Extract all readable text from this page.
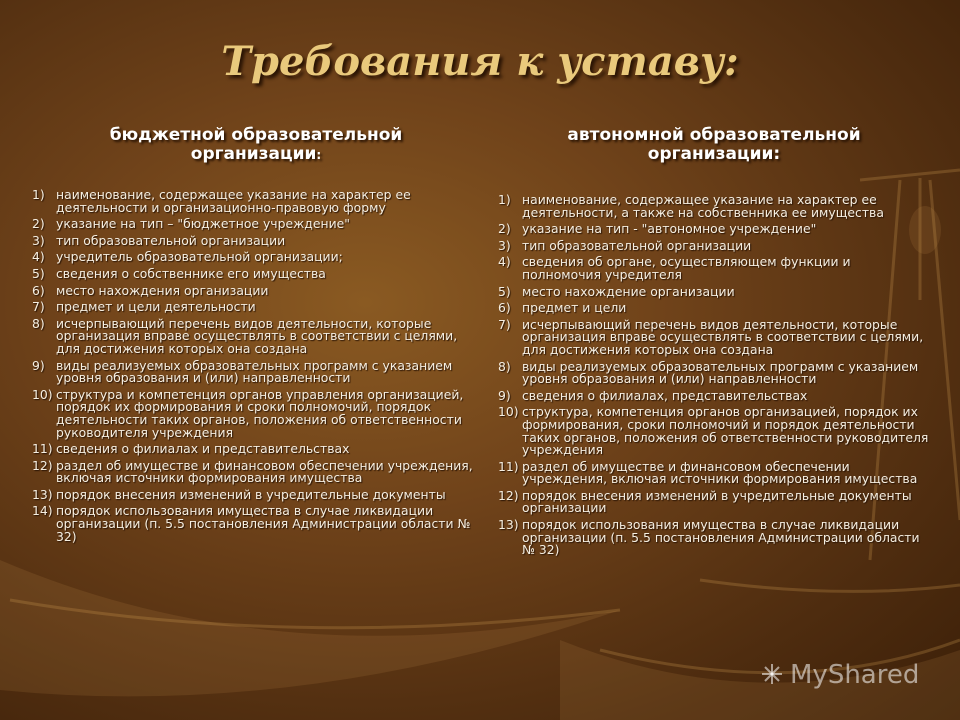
Требования к уставу:
бюджетной образовательной
организации:
1) наименование, содержащее указание на характер ее деятельности и организационно-правовую форму
2) указание на тип – "бюджетное учреждение"
3) тип образовательной организации
4) учредитель образовательной организации;
5) сведения о собственнике его имущества
6) место нахождения организации
7) предмет и цели деятельности
8) исчерпывающий перечень видов деятельности, которые организация вправе осуществлять в соответствии с целями, для достижения которых она создана
9) виды реализуемых образовательных программ с указанием уровня образования и (или) направленности
10) структура и компетенция органов управления организацией, порядок их формирования и сроки полномочий, порядок деятельности таких органов, положения об ответственности руководителя учреждения
11) сведения о филиалах и представительствах
12) раздел об имуществе и финансовом обеспечении учреждения, включая источники формирования имущества
13) порядок внесения изменений в учредительные документы
14) порядок использования имущества в случае ликвидации организации (п. 5.5 постановления Администрации области № 32)
автономной образовательной
организации:
1) наименование, содержащее указание на характер ее деятельности, а также на собственника ее имущества
2) указание на тип - "автономное учреждение"
3) тип образовательной организации
4) сведения об органе, осуществляющем функции и полномочия учредителя
5) место нахождение организации
6) предмет и цели
7) исчерпывающий перечень видов деятельности, которые организация вправе осуществлять в соответствии с целями, для достижения которых она создана
8) виды реализуемых образовательных программ с указанием уровня образования и (или) направленности
9) сведения о филиалах, представительствах
10) структура, компетенция органов организацией, порядок их формирования, сроки полномочий и порядок деятельности таких органов, положения об ответственности руководителя учреждения
11) раздел об имуществе и финансовом обеспечении учреждения, включая источники формирования имущества
12) порядок внесения изменений в учредительные документы организации
13) порядок использования имущества в случае ликвидации организации (п. 5.5 постановления Администрации области № 32)
MyShared
